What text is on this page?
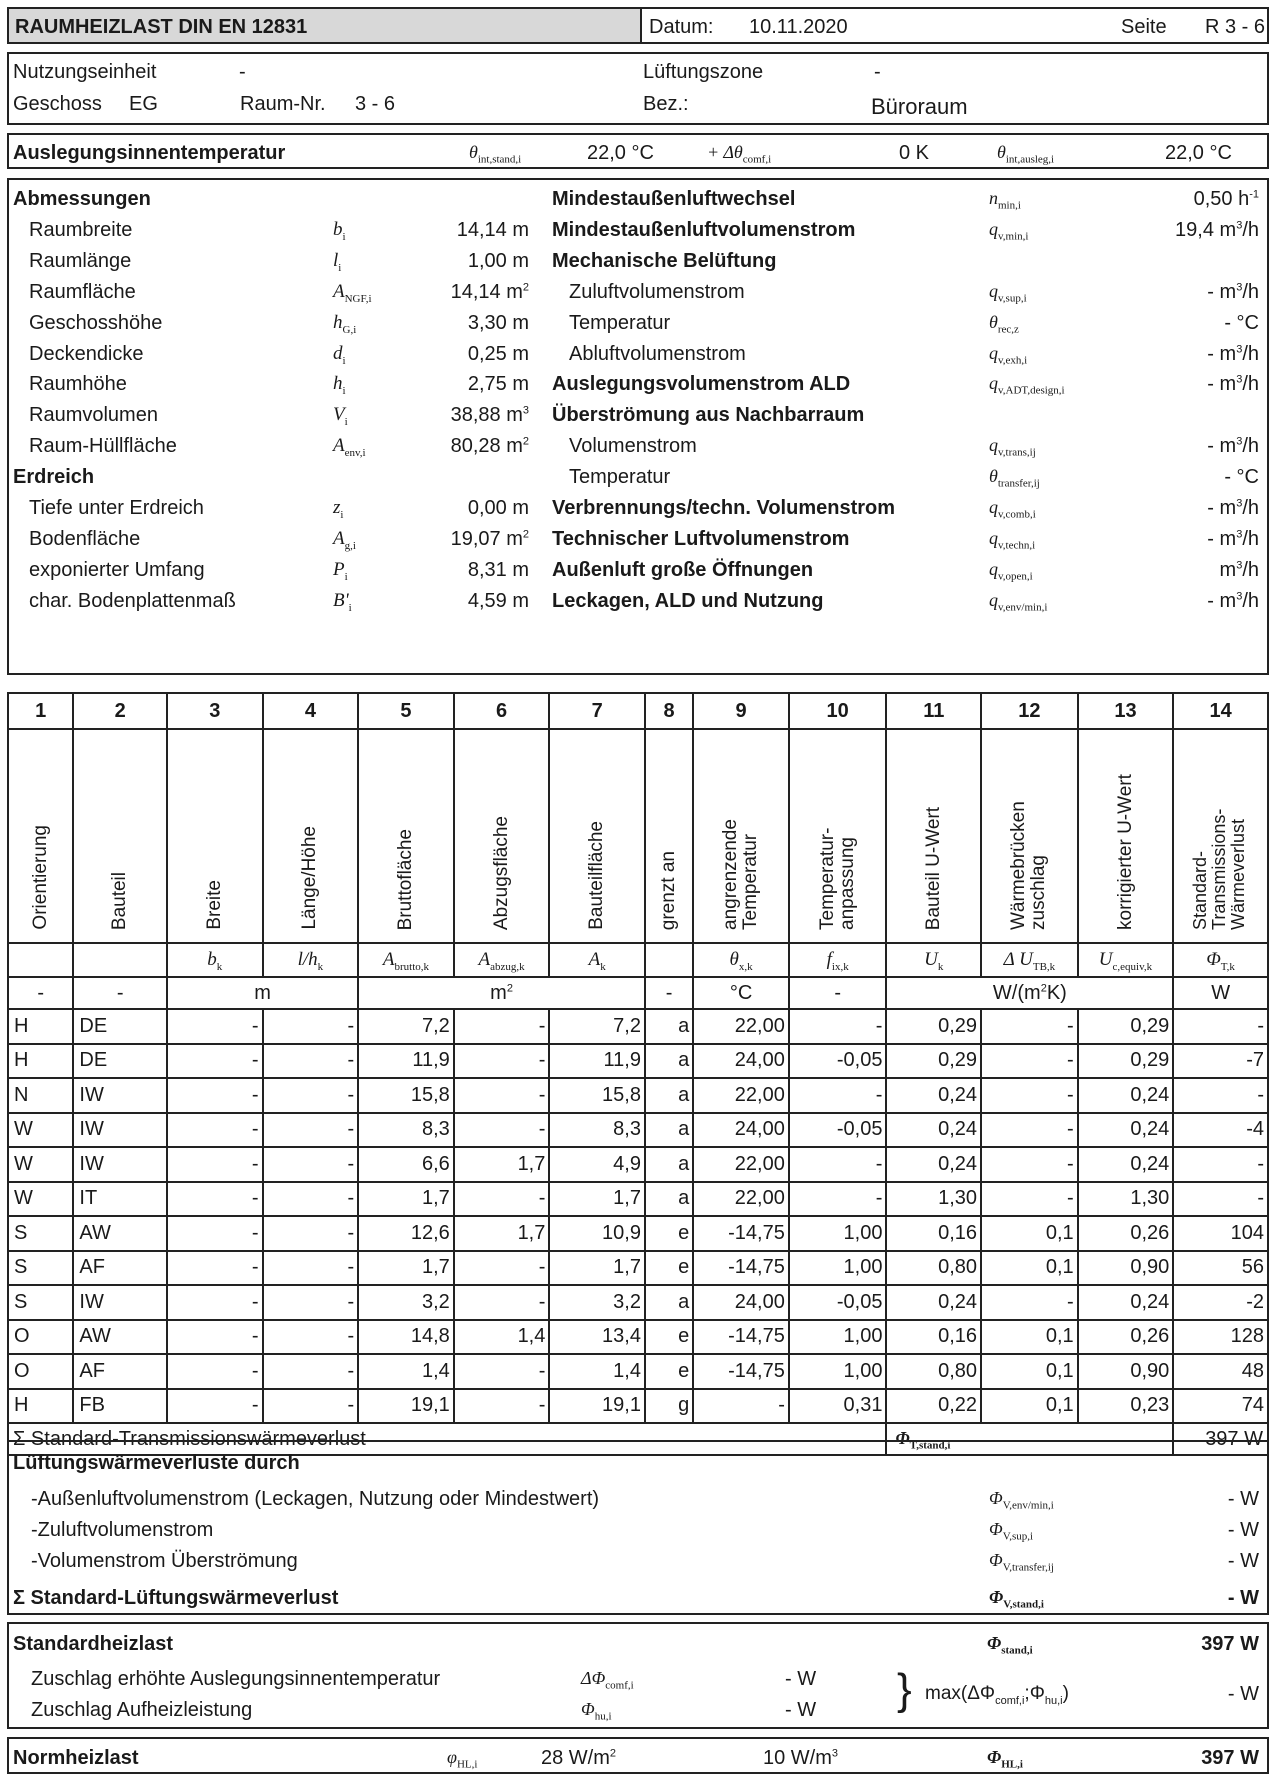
RAUMHEIZLAST DIN EN 12831	Datum: 10.11.2020	Seite R 3 - 6
Nutzungseinheit	-	Lüftungszone	-
Geschoss EG	Raum-Nr. 3 - 6	Bez.:	Büroraum
Auslegungsinnentemperatur	$\theta_{int,stand,i}$	22,0 °C	+ $\Delta\theta_{comf,i}$	0 K	$\theta_{int,ausleg,i}$	22,0 °C
Abmessungen
Raumbreite	$b_i$	14,14 m
Raumlänge	$l_i$	1,00 m
Raumfläche	$A_{NGF,i}$	14,14 $m^2$
Geschosshöhe	$h_{G,i}$	3,30 m
Deckendicke	$d_i$	0,25 m
Raumhöhe	$h_i$	2,75 m
Raumvolumen	$V_i$	38,88 $m^3$
Raum-Hüllfläche	$A_{env,i}$	80,28 $m^2$
Erdreich
Tiefe unter Erdreich	$z_i$	0,00 m
Bodenfläche	$A_{g,i}$	19,07 $m^2$
exponierter Umfang	$P_i$	8,31 m
char. Bodenplattenmaß	$B'_i$	4,59 m
Mindestaußenluftwechsel	$n_{min,i}$	0,50 $h^{-1}$
Mindestaußenluftvolumenstrom	$q_{v,min,i}$	19,4 $m^3/h$
Mechanische Belüftung
Zuluftvolumenstrom	$q_{v,sup,i}$	- $m^3/h$
Temperatur	$\theta_{rec,z}$	- °C
Abluftvolumenstrom	$q_{v,exh,i}$	- $m^3/h$
Auslegungsvolumenstrom ALD	$q_{v,ADT,design,i}$	- $m^3/h$
Überströmung aus Nachbarraum
Volumenstrom	$q_{v,trans,ij}$	- $m^3/h$
Temperatur	$\theta_{transfer,ij}$	- °C
Verbrennungs/techn. Volumenstrom	$q_{v,comb,i}$	- $m^3/h$
Technischer Luftvolumenstrom	$q_{v,techn,i}$	- $m^3/h$
Außenluft große Öffnungen	$q_{v,open,i}$	$m^3/h$
Leckagen, ALD und Nutzung	$q_{v,env/min,i}$	- $m^3/h$
1	2	3	4	5	6	7	8	9	10	11	12	13	14
Orientierung	Bauteil	Breite	Länge/Höhe	Bruttofläche	Abzugsfläche	Bauteilfläche	grenzt an	angrenzende Temperatur	Temperatur-anpassung	Bauteil U-Wert	Wärmebrücken zuschlag	korrigierter U-Wert	Standard-Transmissions-Wärmeverlust
		$b_k$	$l/h_k$	$A_{brutto,k}$	$A_{abzug,k}$	$A_k$		$\theta_{x,k}$	$f_{ix,k}$	$U_k$	Δ $U_{TB,k}$	$U_{c,equiv,k}$	$\Phi_{T,k}$
-	-	m		$m^2$			-	°C	-	$W/(m^2K)$			W
H	DE	-	-	7,2	-	7,2	a	22,00	-	0,29	-	0,29	-
H	DE	-	-	11,9	-	11,9	a	24,00	-0,05	0,29	-	0,29	-7
N	IW	-	-	15,8	-	15,8	a	22,00	-	0,24	-	0,24	-
W	IW	-	-	8,3	-	8,3	a	24,00	-0,05	0,24	-	0,24	-4
W	IW	-	-	6,6	1,7	4,9	a	22,00	-	0,24	-	0,24	-
W	IT	-	-	1,7	-	1,7	a	22,00	-	1,30	-	1,30	-
S	AW	-	-	12,6	1,7	10,9	e	-14,75	1,00	0,16	0,1	0,26	104
S	AF	-	-	1,7	-	1,7	e	-14,75	1,00	0,80	0,1	0,90	56
S	IW	-	-	3,2	-	3,2	a	24,00	-0,05	0,24	-	0,24	-2
O	AW	-	-	14,8	1,4	13,4	e	-14,75	1,00	0,16	0,1	0,26	128
O	AF	-	-	1,4	-	1,4	e	-14,75	1,00	0,80	0,1	0,90	48
H	FB	-	-	19,1	-	19,1	g	-	0,31	0,22	0,1	0,23	74
Σ Standard-Transmissionswärmeverlust										$\Phi_{T,stand,i}$			397 W
Lüftungswärmeverluste durch
-Außenluftvolumenstrom (Leckagen, Nutzung oder Mindestwert)	$\Phi_{V,env/min,i}$	- W
-Zuluftvolumenstrom	$\Phi_{V,sup,i}$	- W
-Volumenstrom Überströmung	$\Phi_{V,transfer,ij}$	- W
Σ Standard-Lüftungswärmeverlust	$\Phi_{V,stand,i}$	- W
Standardheizlast	$\Phi_{stand,i}$	397 W
Zuschlag erhöhte Auslegungsinnentemperatur	$\Delta\Phi_{comf,i}$	- W
Zuschlag Aufheizleistung	$\Phi_{hu,i}$	- W } $\max(\Delta\Phi_{comf,i};\Phi_{hu,i})$	- W
Normheizlast	$\varphi_{HL,i}$	28 $W/m^2$	10 $W/m^3$	$\Phi_{HL,i}$	397 W
